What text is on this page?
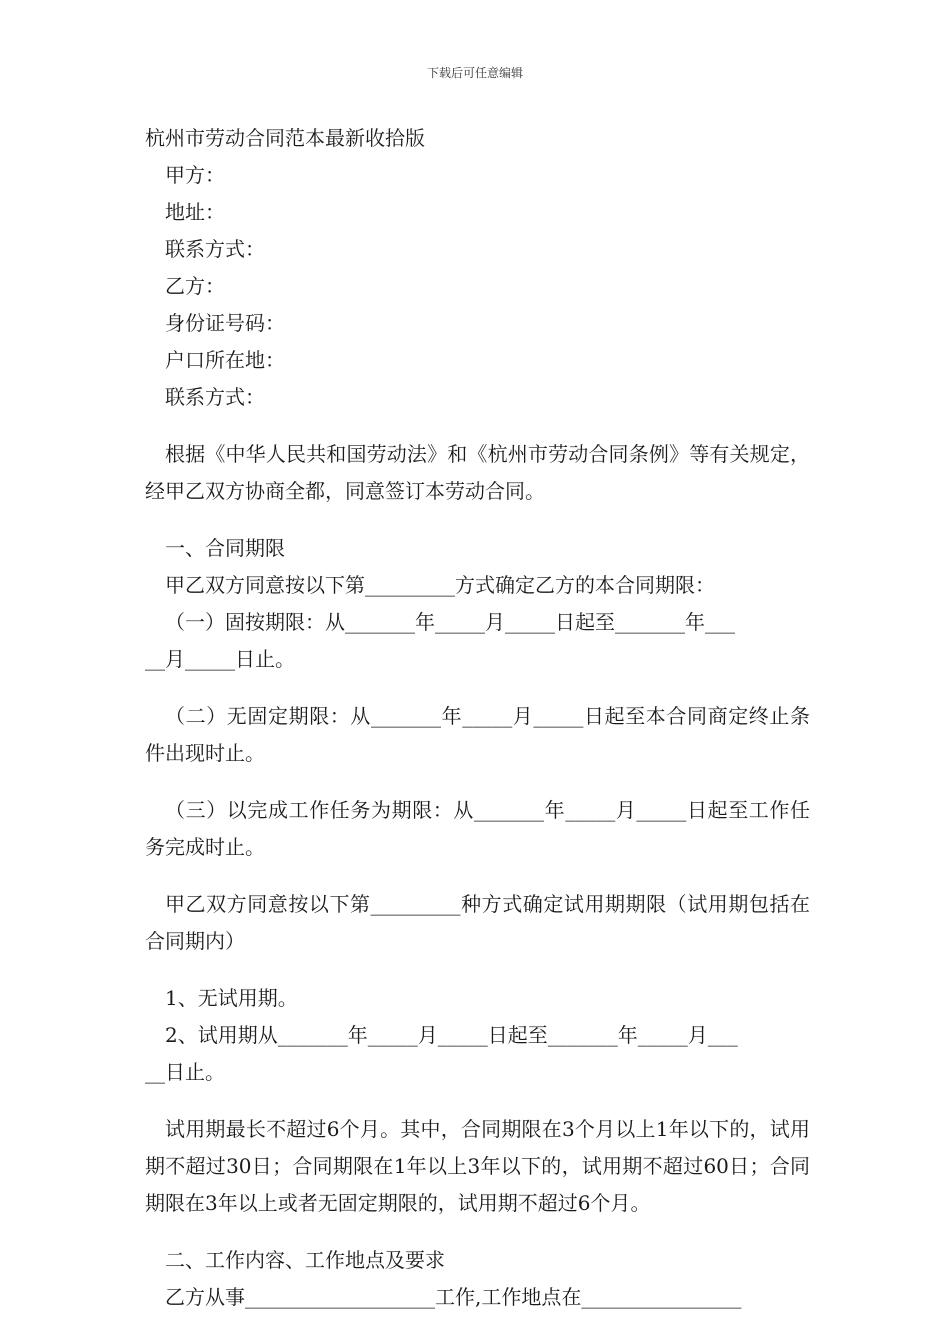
下载后可任意编辑

杭州市劳动合同范本最新收拾版

甲方：

地址：

联系方式：

乙方：

身份证号码：

户口所在地：

联系方式：

根据《中华人民共和国劳动法》和《杭州市劳动合同条例》等有关规定，经甲乙双方协商全都，同意签订本劳动合同。

一、合同期限

甲乙双方同意按以下第_________方式确定乙方的本合同期限：

（一）固按期限：从_______年_____月_____日起至_______年___

__月_____日止。

（二）无固定期限：从_______年_____月_____日起至本合同商定终止条件出现时止。

（三）以完成工作任务为期限：从_______年_____月_____日起至工作任务完成时止。

甲乙双方同意按以下第_________种方式确定试用期期限（试用期包括在合同期内）

1、无试用期。

2、试用期从_______年_____月_____日起至_______年_____月___

__日止。

试用期最长不超过6个月。其中，合同期限在3个月以上1年以下的，试用期不超过30日；合同期限在1年以上3年以下的，试用期不超过60日；合同期限在3年以上或者无固定期限的，试用期不超过6个月。

二、工作内容、工作地点及要求

乙方从事___________________工作,工作地点在________________
